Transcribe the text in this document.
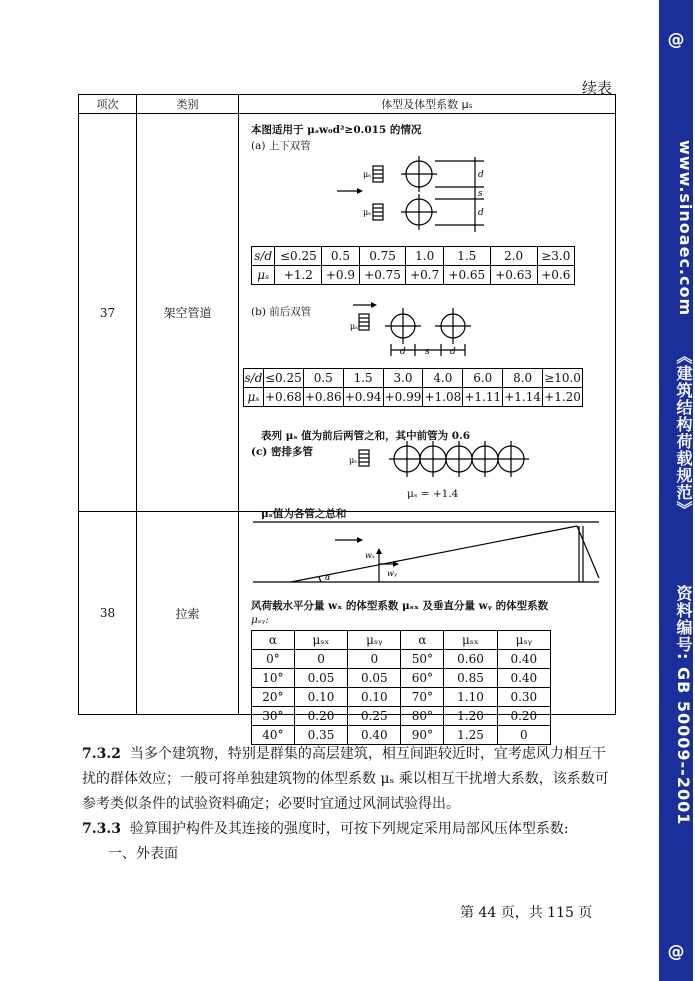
@
www.sinoaec.com
《建筑结构荷载规范》
资料编号: GB 50009--2001
@
续表
项次	类别	体型及体型系数 μₛ
37	架空管道	
本图适用于 μₛw₀d²≥0.015 的情况
(a) 上下双管
μₛ
μₛ
d
s
d
μₛ
d s d
μₛ
s/d	≤0.25	0.5	0.75	1.0	1.5	2.0	≥3.0
μₛ	+1.2	+0.9	+0.75	+0.7	+0.65	+0.63	+0.6
(b) 前后双管
s/d	≤0.25	0.5	1.5	3.0	4.0	6.0	8.0	≥10.0
μₛ	+0.68	+0.86	+0.94	+0.99	+1.08	+1.11	+1.14	+1.20
表列 μₛ 值为前后两管之和，其中前管为 0.6
(c) 密排多管
μₛ = +1.4
μₛ值为各管之总和

38	拉索	
wₓ
wᵧ
α
风荷载水平分量 wₓ 的体型系数 μₛₓ 及垂直分量 wᵧ 的体型系数
μₛᵧ:
α	μₛₓ	μₛᵧ	α	μₛₓ	μₛᵧ
0°	0	0	50°	0.60	0.40
10°	0.05	0.05	60°	0.85	0.40
20°	0.10	0.10	70°	1.10	0.30
30°	0.20	0.25	80°	1.20	0.20
40°	0.35	0.40	90°	1.25	0
7.3.2 当多个建筑物，特别是群集的高层建筑，相互间距较近时，宜考虑风力相互干扰的群体效应；一般可将单独建筑物的体型系数 μₛ 乘以相互干扰增大系数，该系数可参考类似条件的试验资料确定；必要时宜通过风洞试验得出。
7.3.3 验算围护构件及其连接的强度时，可按下列规定采用局部风压体型系数:
一、外表面
第 44 页，共 115 页
